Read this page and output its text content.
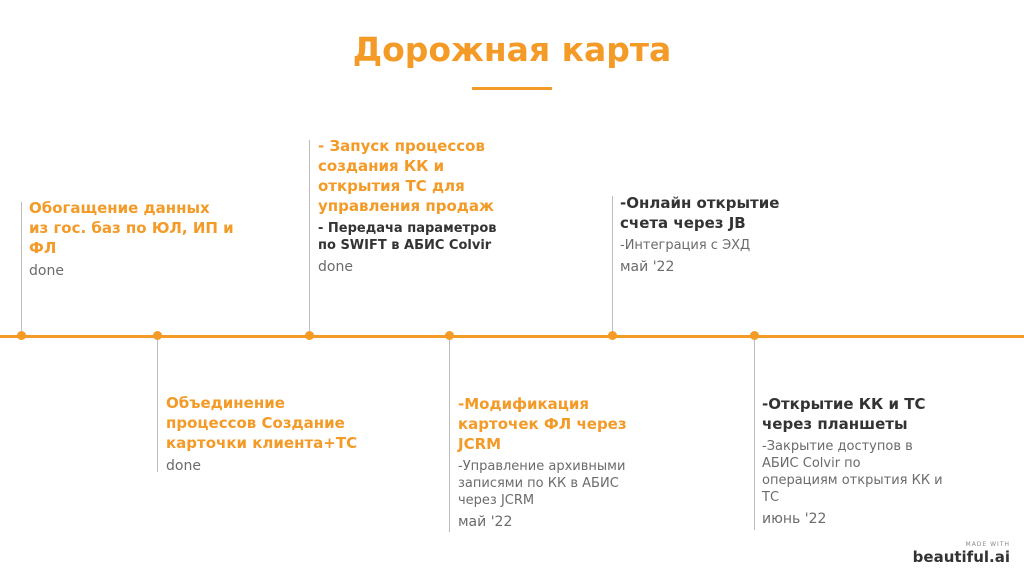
Дорожная карта
Обогащение данных
из гос. баз по ЮЛ, ИП и
ФЛ
done
Объединение
процессов Создание
карточки клиента+ТС
done
- Запуск процессов
создания КК и
открытия ТС для
управления продаж
- Передача параметров
по SWIFT в АБИС Colvir
done
-Модификация
карточек ФЛ через
JCRM
-Управление архивными
записями по КК в АБИС
через JCRM
май '22
-Онлайн открытие
счета через JB
-Интеграция с ЭХД
май '22
-Открытие КК и ТС
через планшеты
-Закрытие доступов в
АБИС Colvir по
операциям открытия КК и
ТС
июнь '22
MADE WITH
beautiful.ai
